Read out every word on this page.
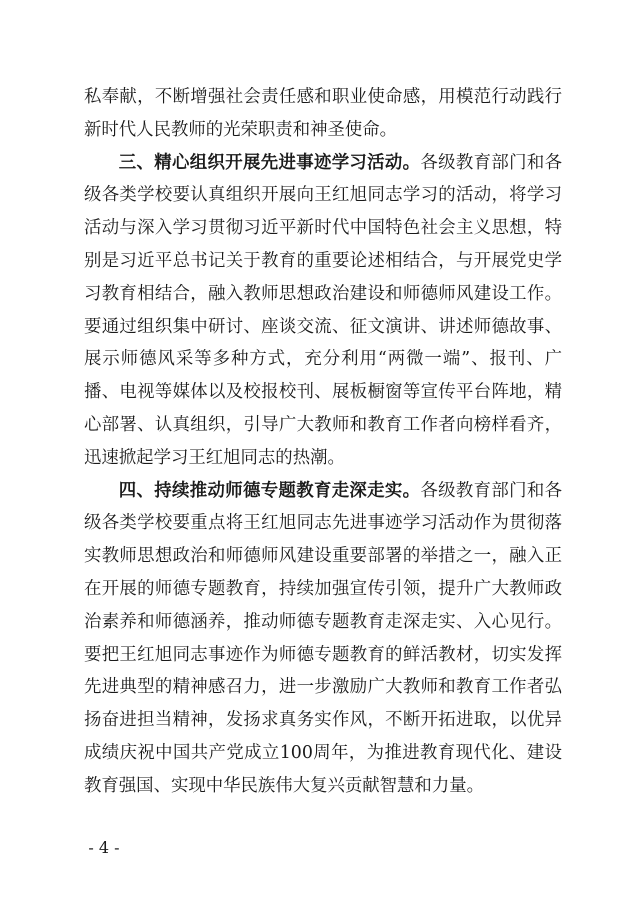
私奉献，不断增强社会责任感和职业使命感，用模范行动践行新时代人民教师的光荣职责和神圣使命。

三、精心组织开展先进事迹学习活动。各级教育部门和各级各类学校要认真组织开展向王红旭同志学习的活动，将学习活动与深入学习贯彻习近平新时代中国特色社会主义思想，特别是习近平总书记关于教育的重要论述相结合，与开展党史学习教育相结合，融入教师思想政治建设和师德师风建设工作。要通过组织集中研讨、座谈交流、征文演讲、讲述师德故事、展示师德风采等多种方式，充分利用“两微一端”、报刊、广播、电视等媒体以及校报校刊、展板橱窗等宣传平台阵地，精心部署、认真组织，引导广大教师和教育工作者向榜样看齐，迅速掀起学习王红旭同志的热潮。

四、持续推动师德专题教育走深走实。各级教育部门和各级各类学校要重点将王红旭同志先进事迹学习活动作为贯彻落实教师思想政治和师德师风建设重要部署的举措之一，融入正在开展的师德专题教育，持续加强宣传引领，提升广大教师政治素养和师德涵养，推动师德专题教育走深走实、入心见行。要把王红旭同志事迹作为师德专题教育的鲜活教材，切实发挥先进典型的精神感召力，进一步激励广大教师和教育工作者弘扬奋进担当精神，发扬求真务实作风，不断开拓进取，以优异成绩庆祝中国共产党成立100周年，为推进教育现代化、建设教育强国、实现中华民族伟大复兴贡献智慧和力量。

- 4 -
